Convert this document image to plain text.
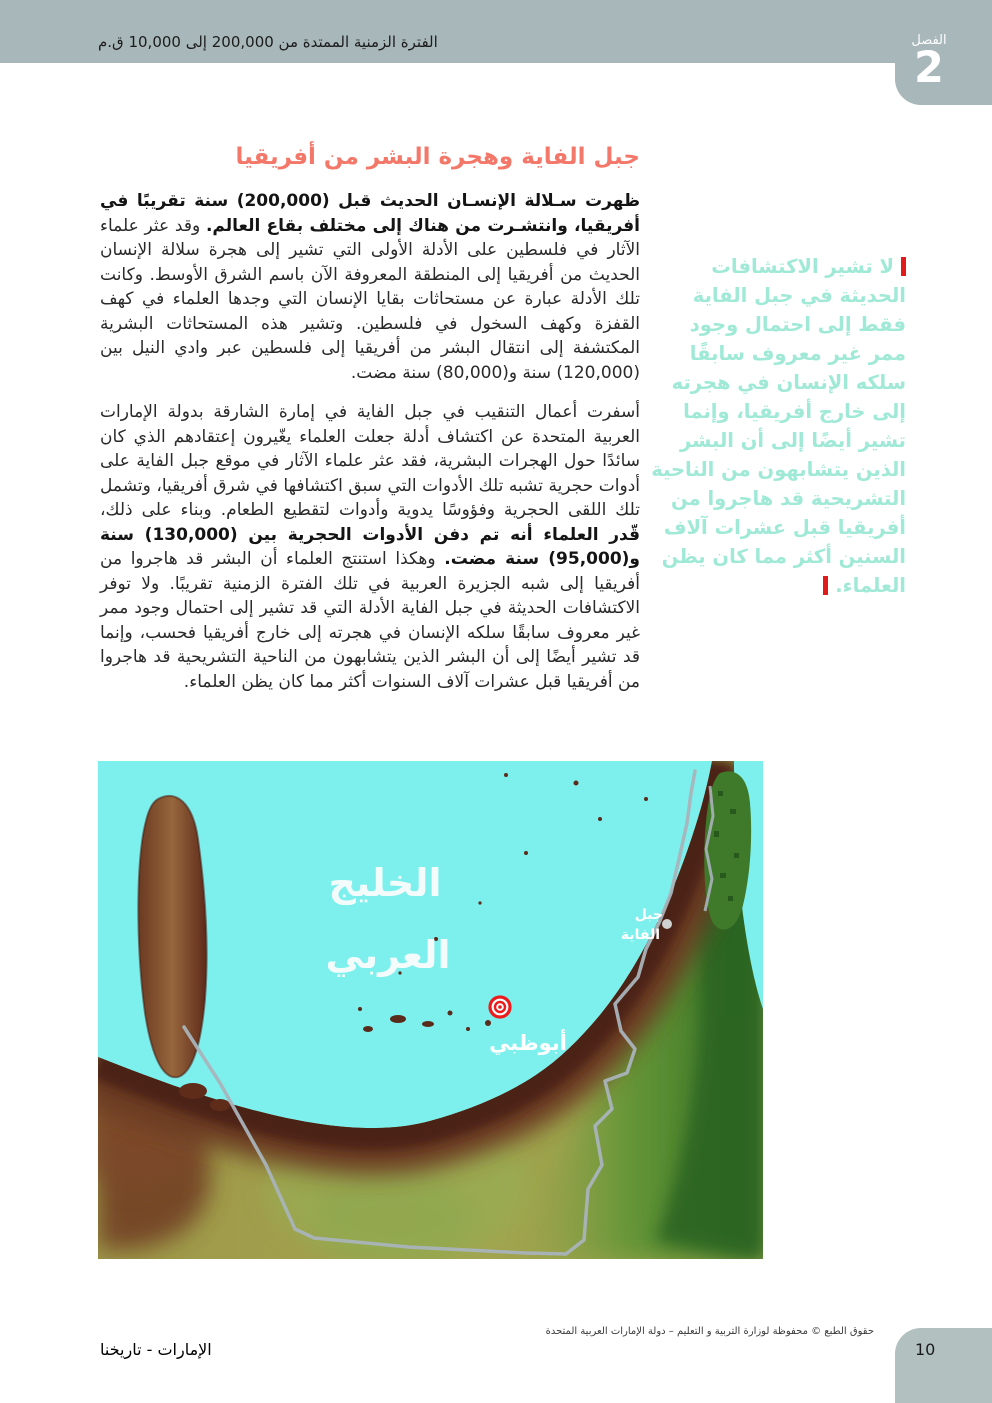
الفترة الزمنية الممتدة من 200,000 إلى 10,000 ق.م	الفصل
2
جبل الفاية وهجرة البشر من أفريقيا
ظهرت سـلالة الإنسـان الحديث قبل (200,000) سنة تقريبًا في أفريقيا، وانتشـرت من هناك إلى مختلف بقاع العالم. وقد عثر علماء الآثار في فلسطين على الأدلة الأولى التي تشير إلى هجرة سلالة الإنسان الحديث من أفريقيا إلى المنطقة المعروفة الآن باسم الشرق الأوسط. وكانت تلك الأدلة عبارة عن مستحاثات بقايا الإنسان التي وجدها العلماء في كهف القفزة وكهف السخول في فلسطين. وتشير هذه المستحاثات البشرية المكتشفة إلى انتقال البشر من أفريقيا إلى فلسطين عبر وادي النيل بين (120,000) سنة و(80,000) سنة مضت.
أسفرت أعمال التنقيب في جبل الفاية في إمارة الشارقة بدولة الإمارات العربية المتحدة عن اكتشاف أدلة جعلت العلماء يغّيرون إعتقادهم الذي كان سائدًا حول الهجرات البشرية، فقد عثر علماء الآثار في موقع جبل الفاية على أدوات حجرية تشبه تلك الأدوات التي سبق اكتشافها في شرق أفريقيا، وتشمل تلك اللقى الحجرية وفؤوسًا يدوية وأدوات لتقطيع الطعام. وبناء على ذلك، قّدر العلماء أنه تم دفن الأدوات الحجرية بين (130,000) سنة و(95,000) سنة مضت. وهكذا استنتج العلماء أن البشر قد هاجروا من أفريقيا إلى شبه الجزيرة العربية في تلك الفترة الزمنية تقريبًا. ولا توفر الاكتشافات الحديثة في جبل الفاية الأدلة التي قد تشير إلى احتمال وجود ممر غير معروف سابقًا سلكه الإنسان في هجرته إلى خارج أفريقيا فحسب، وإنما قد تشير أيضًا إلى أن البشر الذين يتشابهون من الناحية التشريحية قد هاجروا من أفريقيا قبل عشرات آلاف السنوات أكثر مما كان يظن العلماء.
لا تشير الاكتشافات الحديثة في جبل الفاية فقط إلى احتمال وجود ممر غير معروف سابقًا سلكه الإنسان في هجرته إلى خارج أفريقيا، وإنما تشير أيضًا إلى أن البشر الذين يتشابهون من الناحية التشريحية قد هاجروا من أفريقيا قبل عشرات آلاف السنين أكثر مما كان يظن العلماء.
الخليج
العربي
جبل
الفاية
أبوظبي
الإمارات - تاريخنا
حقوق الطبع © محفوظة لوزارة التربية و التعليم – دولة الإمارات العربية المتحدة
10
